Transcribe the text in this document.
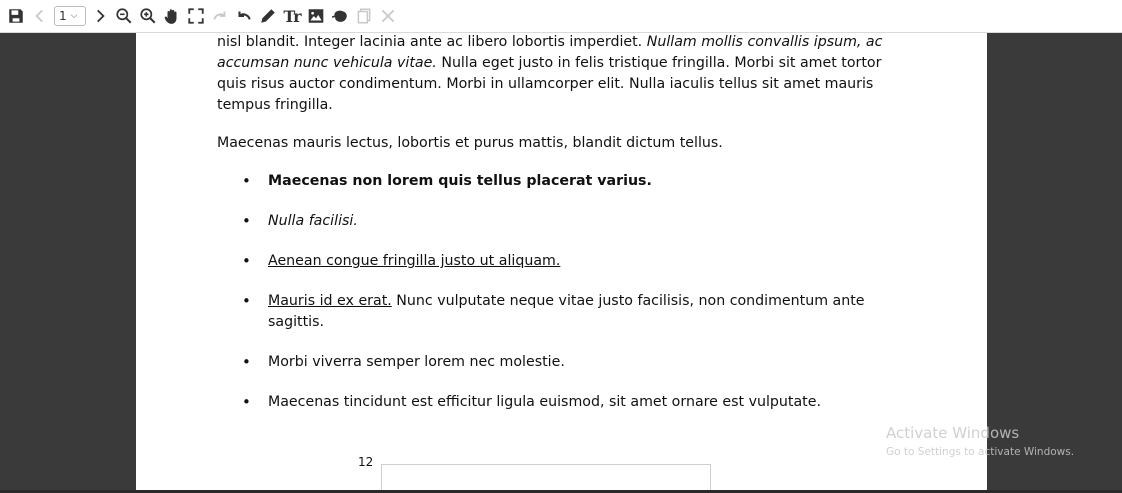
1 ⌵	Tr
nisl blandit. Integer lacinia ante ac libero lobortis imperdiet. Nullam mollis convallis ipsum, ac accumsan nunc vehicula vitae. Nulla eget justo in felis tristique fringilla. Morbi sit amet tortor quis risus auctor condimentum. Morbi in ullamcorper elit. Nulla iaculis tellus sit amet mauris tempus fringilla.
Maecenas mauris lectus, lobortis et purus mattis, blandit dictum tellus.
• Maecenas non lorem quis tellus placerat varius.
• Nulla facilisi.
• Aenean congue fringilla justo ut aliquam.
• Mauris id ex erat. Nunc vulputate neque vitae justo facilisis, non condimentum ante sagittis.
• Morbi viverra semper lorem nec molestie.
• Maecenas tincidunt est efficitur ligula euismod, sit amet ornare est vulputate.
12
Activate Windows
Go to Settings to activate Windows.
